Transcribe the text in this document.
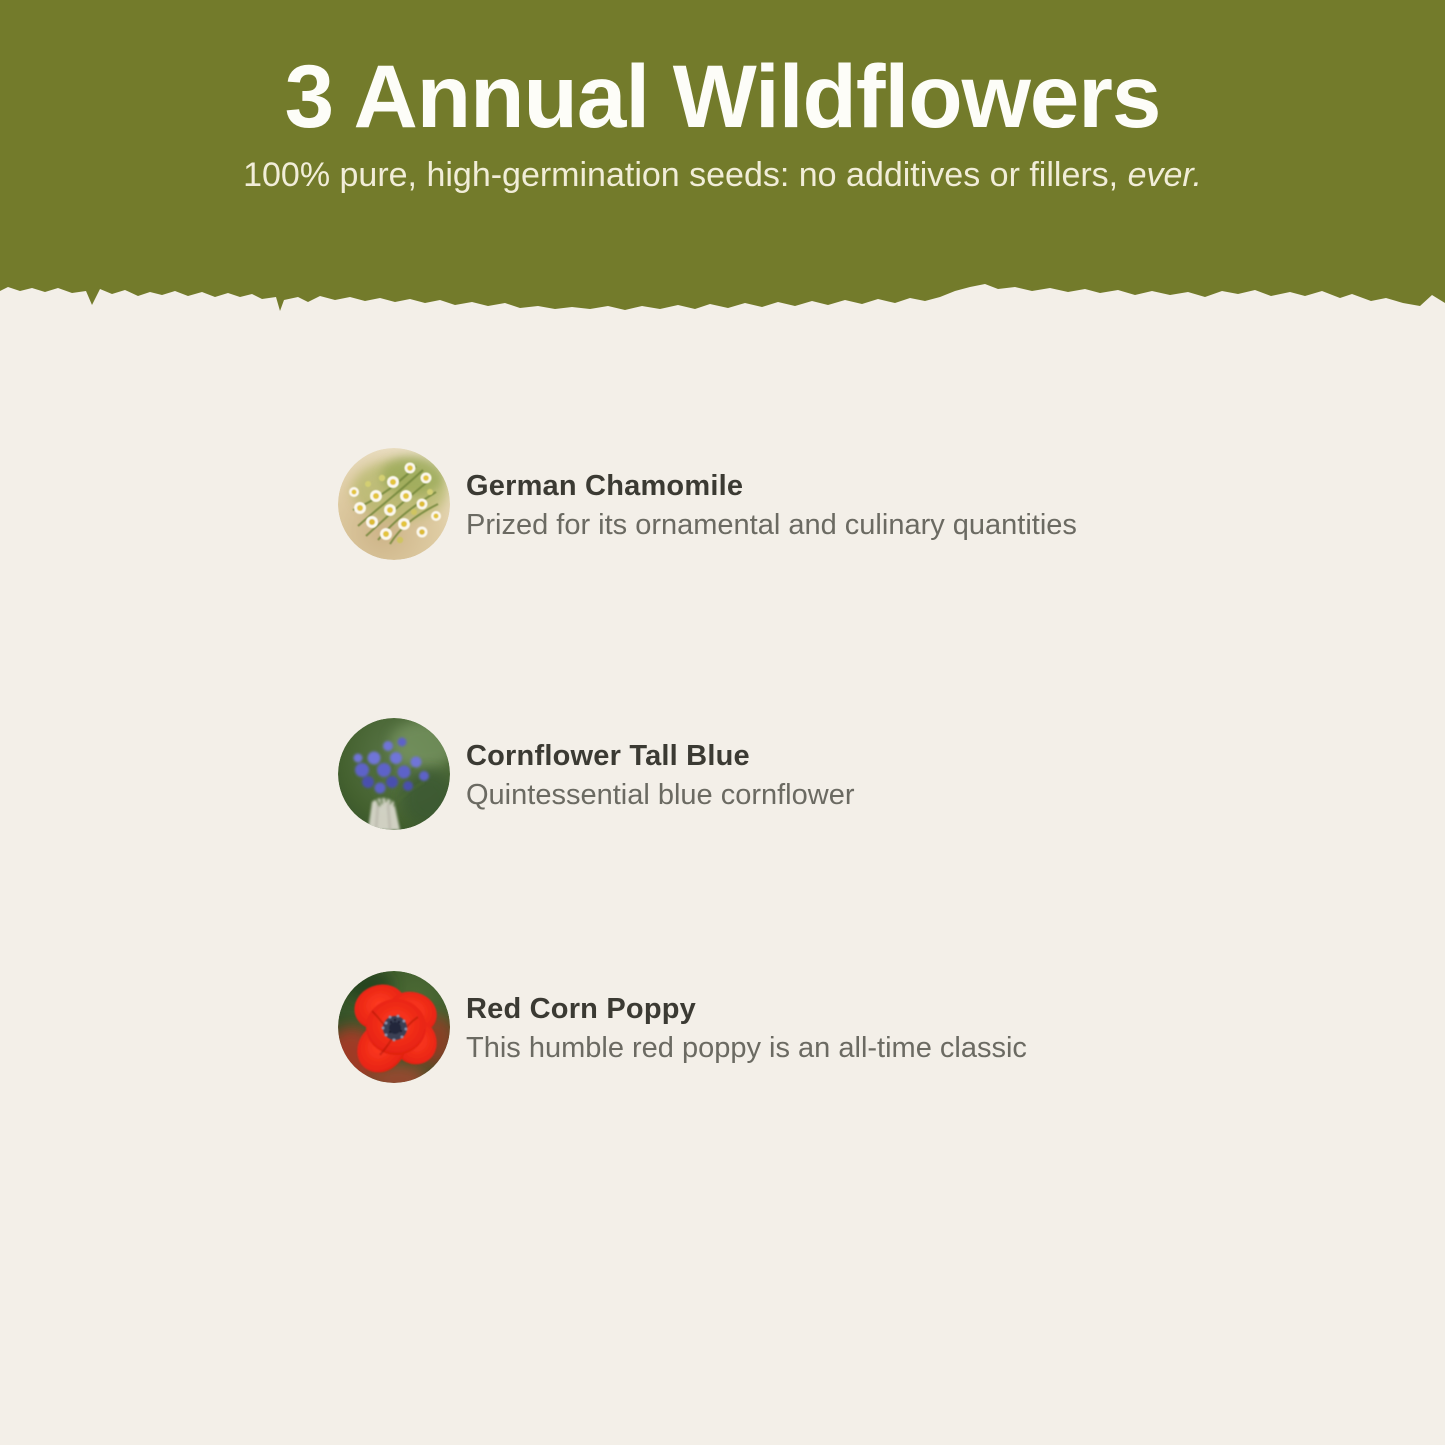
3 Annual Wildflowers

100% pure, high-germination seeds: no additives or fillers, ever.

German Chamomile

Prized for its ornamental and culinary quantities

Cornflower Tall Blue

Quintessential blue cornflower

Red Corn Poppy

This humble red poppy is an all-time classic
